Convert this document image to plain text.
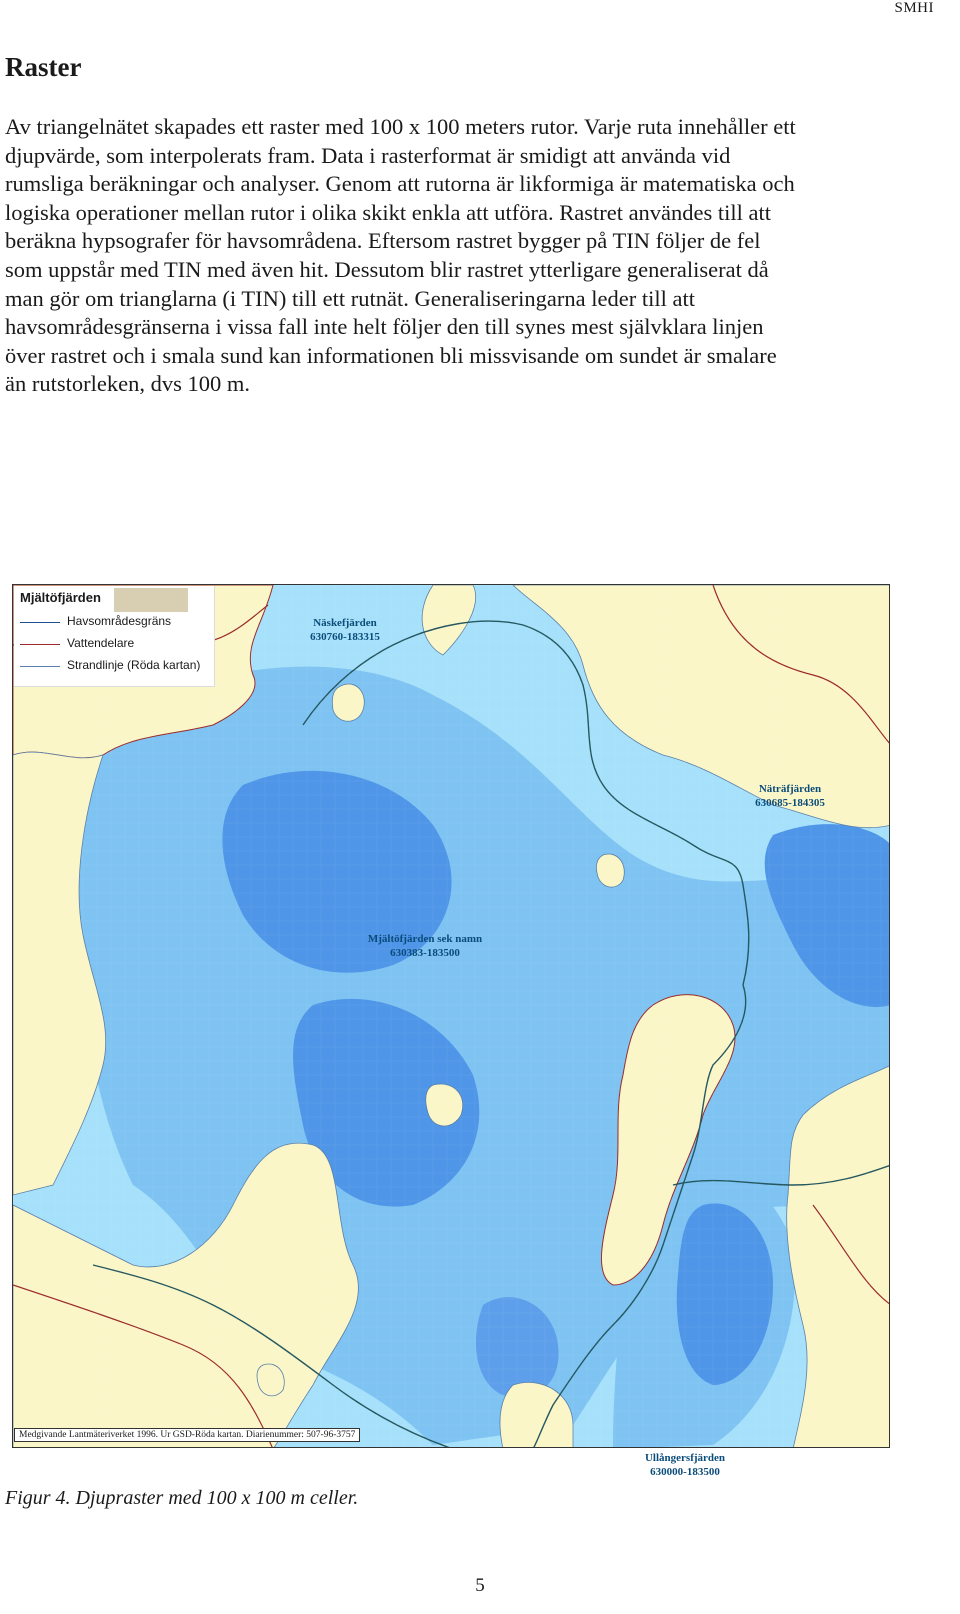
SMHI
Raster

Av triangelnätet skapades ett raster med 100 x 100 meters rutor. Varje ruta innehåller ett
djupvärde, som interpolerats fram. Data i rasterformat är smidigt att använda vid
rumsliga beräkningar och analyser. Genom att rutorna är likformiga är matematiska och
logiska operationer mellan rutor i olika skikt enkla att utföra. Rastret användes till att
beräkna hypsografer för havsområdena. Eftersom rastret bygger på TIN följer de fel
som uppstår med TIN med även hit. Dessutom blir rastret ytterligare generaliserat då
man gör om trianglarna (i TIN) till ett rutnät. Generaliseringarna leder till att
havsområdesgränserna i vissa fall inte helt följer den till synes mest självklara linjen
över rastret och i smala sund kan informationen bli missvisande om sundet är smalare
än rutstorleken, dvs 100 m.

Mjältöfjärden
Havsområdesgräns
Vattendelare
Strandlinje (Röda kartan)
Näskefjärden
630760-183315
Näträfjärden
630685-184305
Mjältöfjärden sek namn
630383-183500
Ullångersfjärden
630000-183500
Medgivande Lantmäteriverket 1996. Ur GSD-Röda kartan. Diarienummer: 507-96-3757

Figur 4. Djupraster med 100 x 100 m celler.

5
